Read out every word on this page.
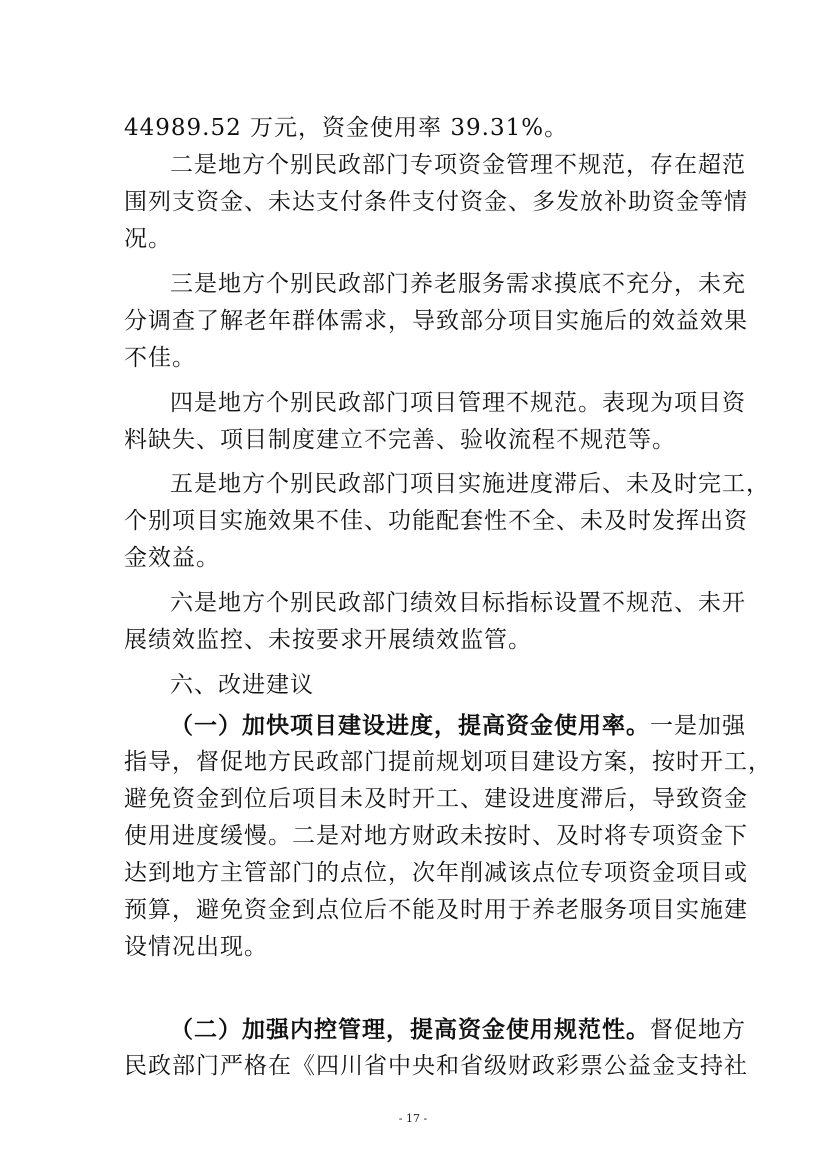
44989.52 万元，资金使用率 39.31%。
二是地方个别民政部门专项资金管理不规范，存在超范
围列支资金、未达支付条件支付资金、多发放补助资金等情
况。
三是地方个别民政部门养老服务需求摸底不充分，未充
分调查了解老年群体需求，导致部分项目实施后的效益效果
不佳。
四是地方个别民政部门项目管理不规范。表现为项目资
料缺失、项目制度建立不完善、验收流程不规范等。
五是地方个别民政部门项目实施进度滞后、未及时完工，
个别项目实施效果不佳、功能配套性不全、未及时发挥出资
金效益。
六是地方个别民政部门绩效目标指标设置不规范、未开
展绩效监控、未按要求开展绩效监管。
六、改进建议
（一）加快项目建设进度，提高资金使用率。一是加强
指导，督促地方民政部门提前规划项目建设方案，按时开工，
避免资金到位后项目未及时开工、建设进度滞后，导致资金
使用进度缓慢。二是对地方财政未按时、及时将专项资金下
达到地方主管部门的点位，次年削减该点位专项资金项目或
预算，避免资金到点位后不能及时用于养老服务项目实施建
设情况出现。
（二）加强内控管理，提高资金使用规范性。督促地方
民政部门严格在《四川省中央和省级财政彩票公益金支持社
- 17 -
